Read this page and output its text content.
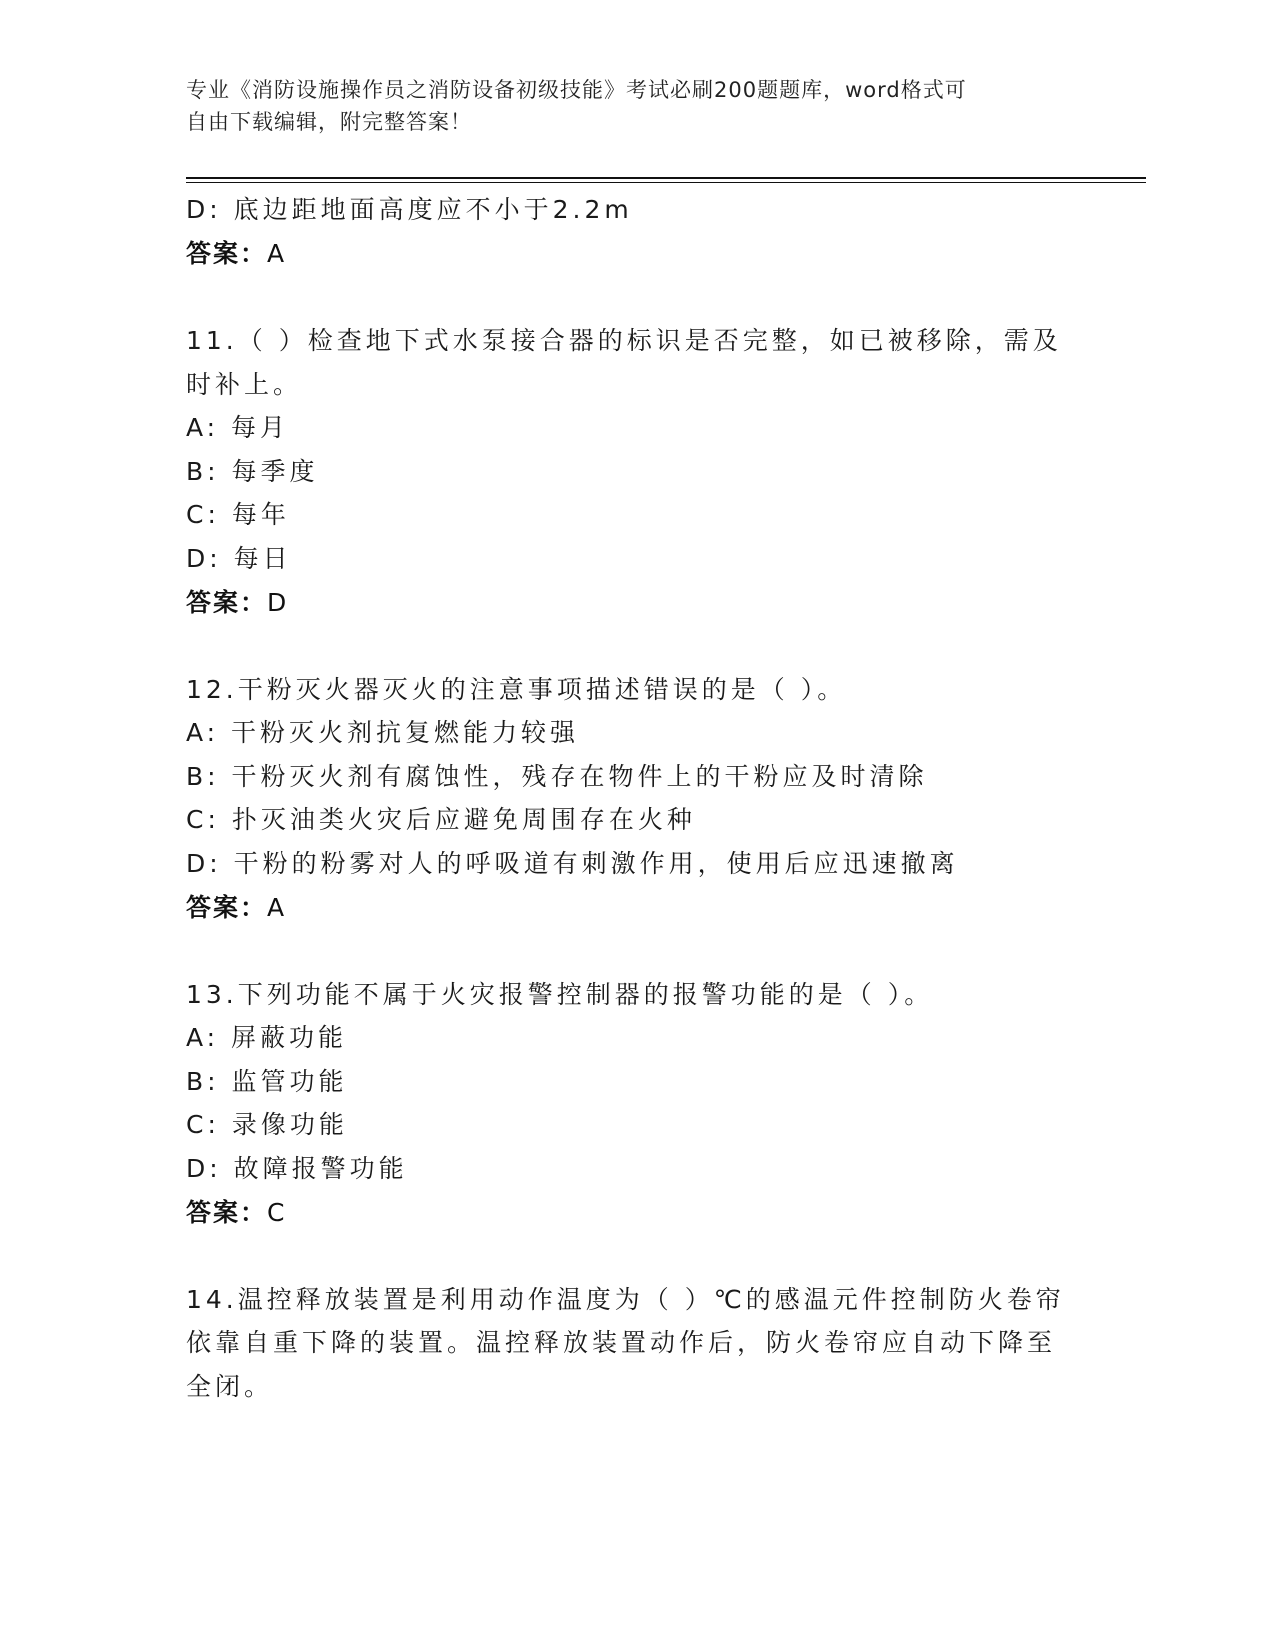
专业《消防设施操作员之消防设备初级技能》考试必刷200题题库，word格式可
自由下载编辑，附完整答案！
D: 底边距地面高度应不小于2.2m
答案：A
11.（ ）检查地下式水泵接合器的标识是否完整，如已被移除，需及
时补上。
A: 每月
B: 每季度
C: 每年
D: 每日
答案：D
12.干粉灭火器灭火的注意事项描述错误的是（ ）。
A: 干粉灭火剂抗复燃能力较强
B: 干粉灭火剂有腐蚀性，残存在物件上的干粉应及时清除
C: 扑灭油类火灾后应避免周围存在火种
D: 干粉的粉雾对人的呼吸道有刺激作用，使用后应迅速撤离
答案：A
13.下列功能不属于火灾报警控制器的报警功能的是（ ）。
A: 屏蔽功能
B: 监管功能
C: 录像功能
D: 故障报警功能
答案：C
14.温控释放装置是利用动作温度为（ ）℃的感温元件控制防火卷帘
依靠自重下降的装置。温控释放装置动作后，防火卷帘应自动下降至
全闭。
